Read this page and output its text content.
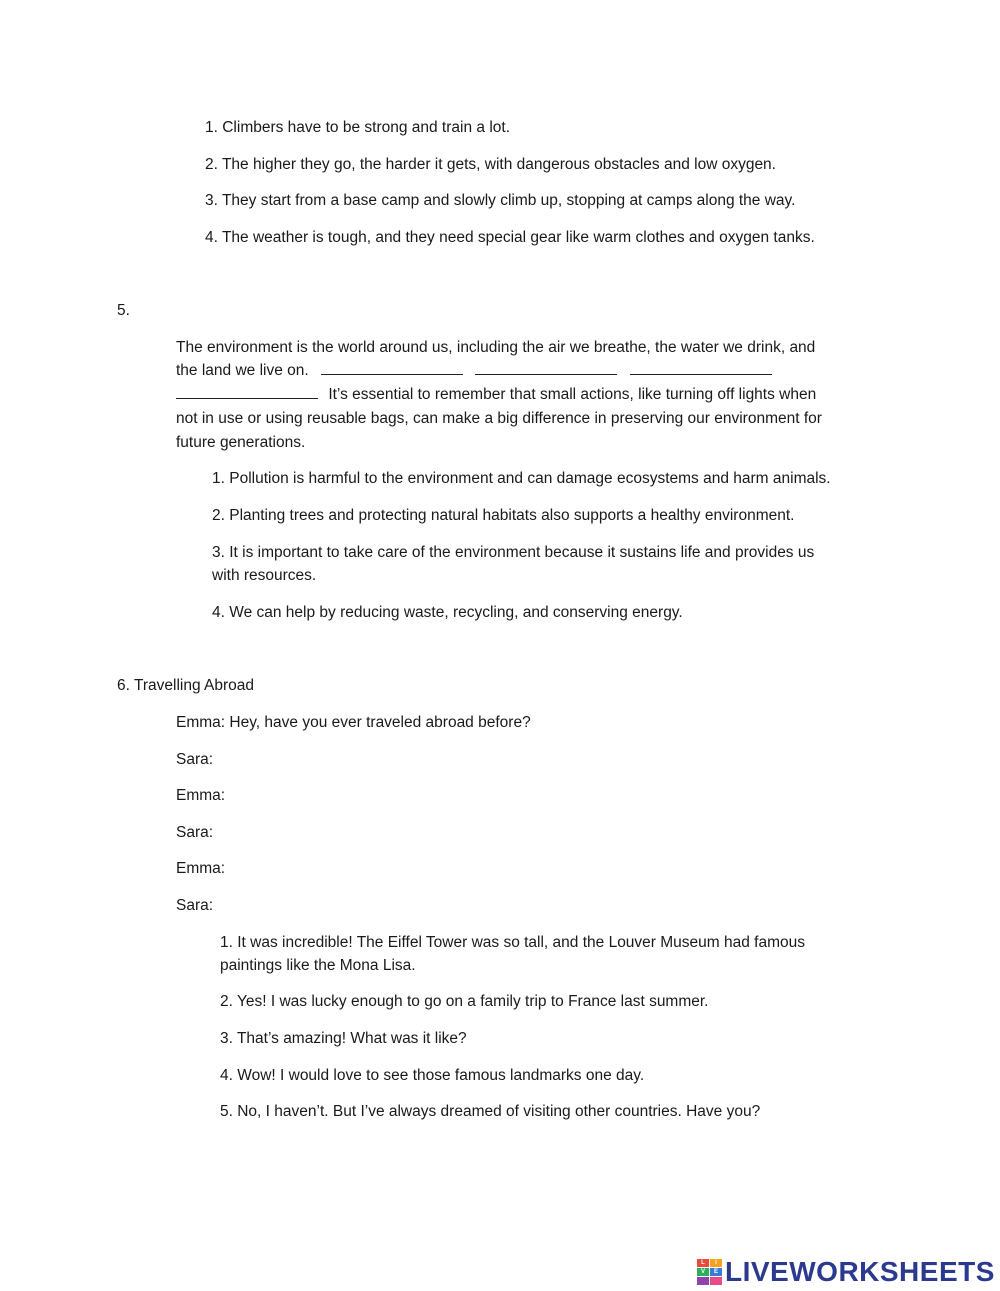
1. Climbers have to be strong and train a lot.
2. The higher they go, the harder it gets, with dangerous obstacles and low oxygen.
3. They start from a base camp and slowly climb up, stopping at camps along the way.
4. The weather is tough, and they need special gear like warm clothes and oxygen tanks.
5.
The environment is the world around us, including the air we breathe, the water we drink, and
the land we live on.
It’s essential to remember that small actions, like turning off lights when
not in use or using reusable bags, can make a big difference in preserving our environment for
future generations.
1. Pollution is harmful to the environment and can damage ecosystems and harm animals.
2. Planting trees and protecting natural habitats also supports a healthy environment.
3. It is important to take care of the environment because it sustains life and provides us
with resources.
4. We can help by reducing waste, recycling, and conserving energy.
6. Travelling Abroad
Emma: Hey, have you ever traveled abroad before?
Sara:
Emma:
Sara:
Emma:
Sara:
1. It was incredible! The Eiffel Tower was so tall, and the Louver Museum had famous
paintings like the Mona Lisa.
2. Yes! I was lucky enough to go on a family trip to France last summer.
3. That’s amazing! What was it like?
4. Wow! I would love to see those famous landmarks one day.
5. No, I haven’t. But I’ve always dreamed of visiting other countries. Have you?
L	I
V	E LIVEWORKSHEETS
